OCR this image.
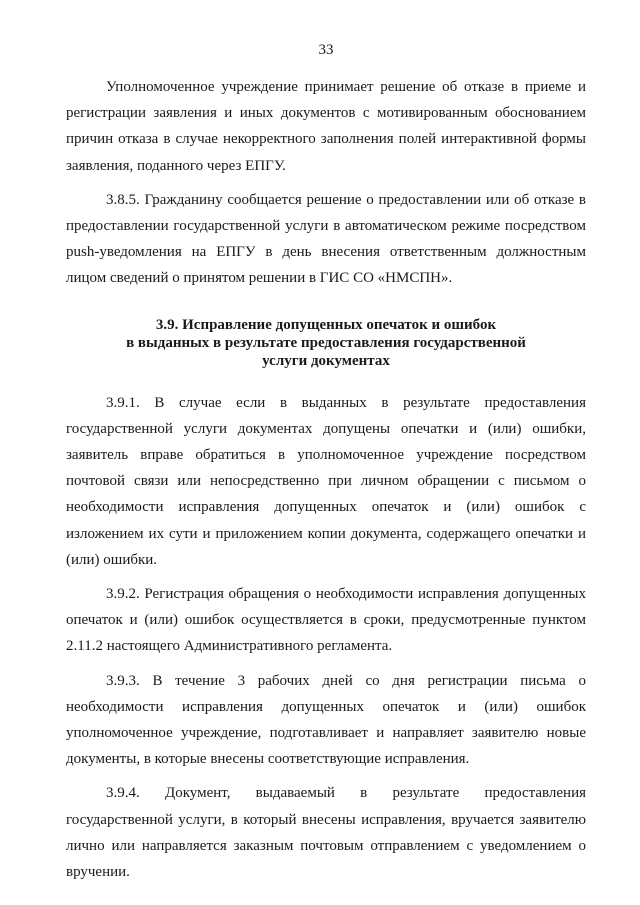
33

Уполномоченное учреждение принимает решение об отказе в приеме и регистрации заявления и иных документов с мотивированным обоснованием причин отказа в случае некорректного заполнения полей интерактивной формы заявления, поданного через ЕПГУ.

3.8.5. Гражданину сообщается решение о предоставлении или об отказе в предоставлении государственной услуги в автоматическом режиме посредством push-уведомления на ЕПГУ в день внесения ответственным должностным лицом сведений о принятом решении в ГИС СО «НМСПН».

3.9. Исправление допущенных опечаток и ошибок
в выданных в результате предоставления государственной
услуги документах

3.9.1. В случае если в выданных в результате предоставления государственной услуги документах допущены опечатки и (или) ошибки, заявитель вправе обратиться в уполномоченное учреждение посредством почтовой связи или непосредственно при личном обращении с письмом о необходимости исправления допущенных опечаток и (или) ошибок с изложением их сути и приложением копии документа, содержащего опечатки и (или) ошибки.

3.9.2. Регистрация обращения о необходимости исправления допущенных опечаток и (или) ошибок осуществляется в сроки, предусмотренные пунктом 2.11.2 настоящего Административного регламента.

3.9.3. В течение 3 рабочих дней со дня регистрации письма о необходимости исправления допущенных опечаток и (или) ошибок уполномоченное учреждение, подготавливает и направляет заявителю новые документы, в которые внесены соответствующие исправления.

3.9.4. Документ, выдаваемый в результате предоставления государственной услуги, в который внесены исправления, вручается заявителю лично или направляется заказным почтовым отправлением с уведомлением о вручении.
